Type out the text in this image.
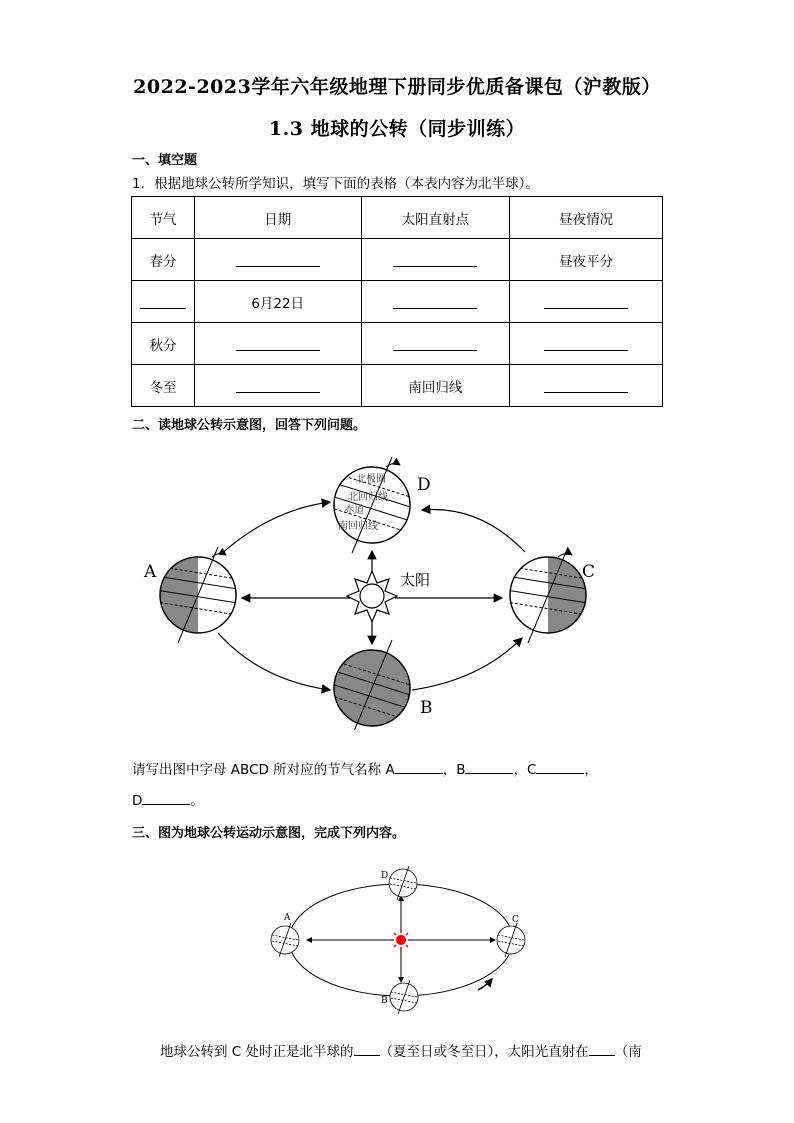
2022-2023学年六年级地理下册同步优质备课包（沪教版）
1.3 地球的公转（同步训练）
一、填空题
1．根据地球公转所学知识，填写下面的表格（本表内容为北半球）。
节气	日期	太阳直射点	昼夜情况
春分			昼夜平分
	6月22日		
秋分			
冬至		南回归线	
二、读地球公转示意图，回答下列问题。
太阳
A
B
C
北极圈
北回归线
赤道
南回归线
D
请写出图中字母 ABCD 所对应的节气名称 A	，B	，C	，
D	。
三、图为地球公转运动示意图，完成下列内容。
A
B
C
D
地球公转到 C 处时正是北半球的 （夏至日或冬至日），太阳光直射在 （南
